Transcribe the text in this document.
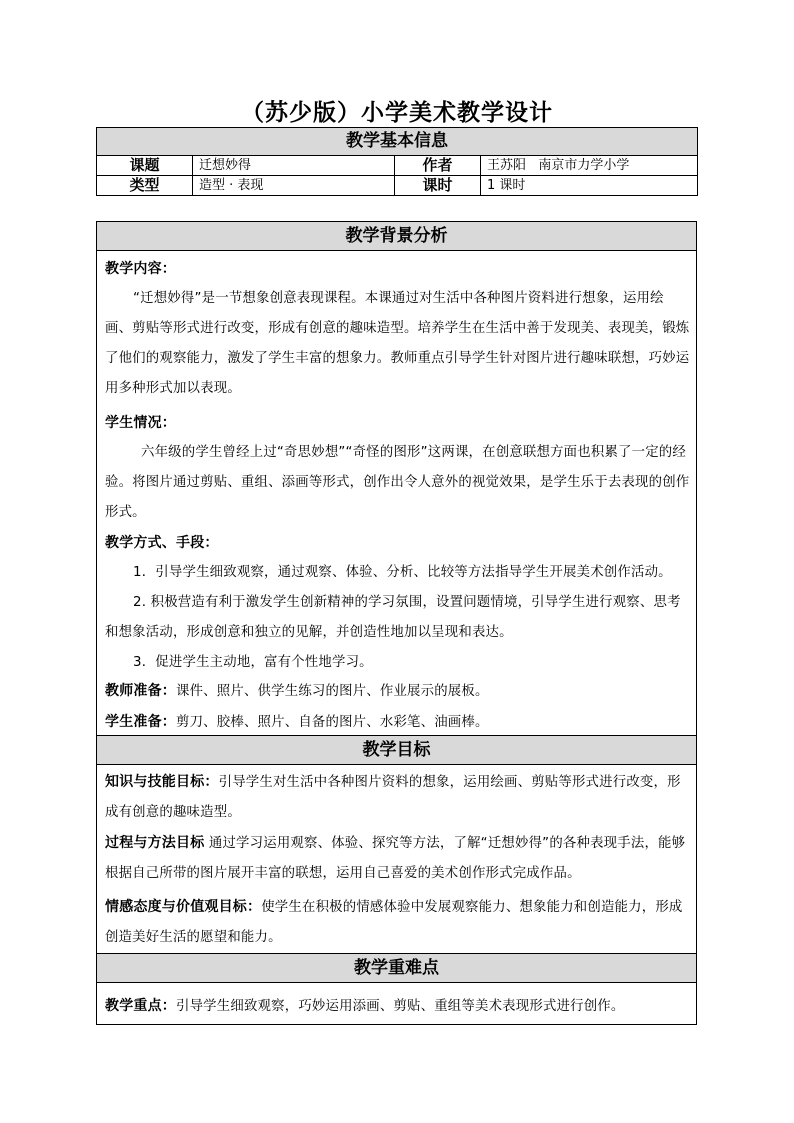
（苏少版）小学美术教学设计
教学基本信息			
课题	迁想妙得	作者	王苏阳   南京市力学小学
类型	造型 · 表现	课时	1 课时
教学背景分析
教学内容：
“迁想妙得”是一节想象创意表现课程。本课通过对生活中各种图片资料进行想象，运用绘画、剪贴等形式进行改变，形成有创意的趣味造型。培养学生在生活中善于发现美、表现美，锻炼了他们的观察能力，激发了学生丰富的想象力。教师重点引导学生针对图片进行趣味联想，巧妙运用多种形式加以表现。
学生情况：
六年级的学生曾经上过“奇思妙想”“奇怪的图形”这两课，在创意联想方面也积累了一定的经验。将图片通过剪贴、重组、添画等形式，创作出令人意外的视觉效果，是学生乐于去表现的创作形式。
教学方式、手段：
1．引导学生细致观察，通过观察、体验、分析、比较等方法指导学生开展美术创作活动。
2. 积极营造有利于激发学生创新精神的学习氛围，设置问题情境，引导学生进行观察、思考和想象活动，形成创意和独立的见解，并创造性地加以呈现和表达。
3．促进学生主动地，富有个性地学习。
教师准备：课件、照片、供学生练习的图片、作业展示的展板。
学生准备：剪刀、胶棒、照片、自备的图片、水彩笔、油画棒。
教学目标
知识与技能目标：引导学生对生活中各种图片资料的想象，运用绘画、剪贴等形式进行改变，形成有创意的趣味造型。
过程与方法目标 通过学习运用观察、体验、探究等方法，了解“迁想妙得”的各种表现手法，能够根据自己所带的图片展开丰富的联想，运用自己喜爱的美术创作形式完成作品。
情感态度与价值观目标：使学生在积极的情感体验中发展观察能力、想象能力和创造能力，形成创造美好生活的愿望和能力。
教学重难点
教学重点：引导学生细致观察，巧妙运用添画、剪贴、重组等美术表现形式进行创作。
